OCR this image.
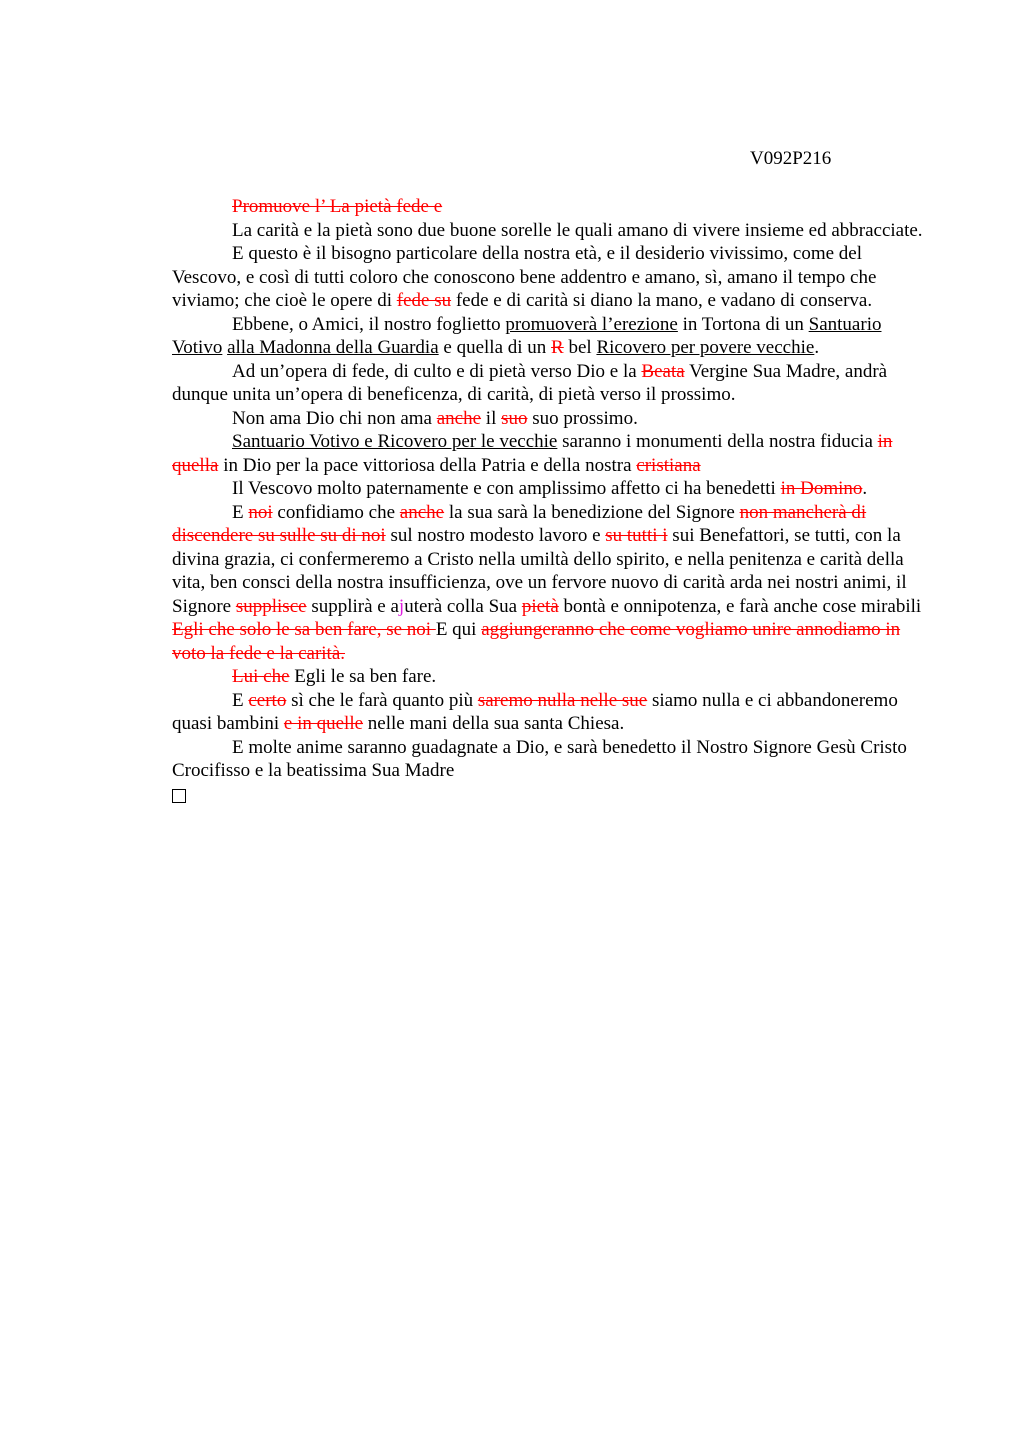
V092P216

Promuove l’ La pietà fede e

La carità e la pietà sono due buone sorelle le quali amano di vivere insieme ed abbracciate.

E questo è il bisogno particolare della nostra età, e il desiderio vivissimo, come del Vescovo, e così di tutti coloro che conoscono bene addentro e amano, sì, amano il tempo che viviamo; che cioè le opere di fede su fede e di carità si diano la mano, e vadano di conserva.

Ebbene, o Amici, il nostro foglietto promuoverà l’erezione in Tortona di un Santuario Votivo alla Madonna della Guardia e quella di un R bel Ricovero per povere vecchie.

Ad un’opera di fede, di culto e di pietà verso Dio e la Beata Vergine Sua Madre, andrà dunque unita un’opera di beneficenza, di carità, di pietà verso il prossimo.

Non ama Dio chi non ama anche il suo suo prossimo.

Santuario Votivo e Ricovero per le vecchie saranno i monumenti della nostra fiducia in quella in Dio per la pace vittoriosa della Patria e della nostra cristiana

Il Vescovo molto paternamente e con amplissimo affetto ci ha benedetti in Domino.

E noi confidiamo che anche la sua sarà la benedizione del Signore non mancherà di discendere su sulle su di noi sul nostro modesto lavoro e su tutti i sui Benefattori, se tutti, con la divina grazia, ci confermeremo a Cristo nella umiltà dello spirito, e nella penitenza e carità della vita, ben consci della nostra insufficienza, ove un fervore nuovo di carità arda nei nostri animi, il Signore supplisce supplirà e ajuterà colla Sua pietà bontà e onnipotenza, e farà anche cose mirabili Egli che solo le sa ben fare, se noi E qui aggiungeranno che come vogliamo unire annodiamo in voto la fede e la carità.

Lui che Egli le sa ben fare.

E certo sì che le farà quanto più saremo nulla nelle sue siamo nulla e ci abbandoneremo quasi bambini e in quelle nelle mani della sua santa Chiesa.

E molte anime saranno guadagnate a Dio, e sarà benedetto il Nostro Signore Gesù Cristo Crocifisso e la beatissima Sua Madre
